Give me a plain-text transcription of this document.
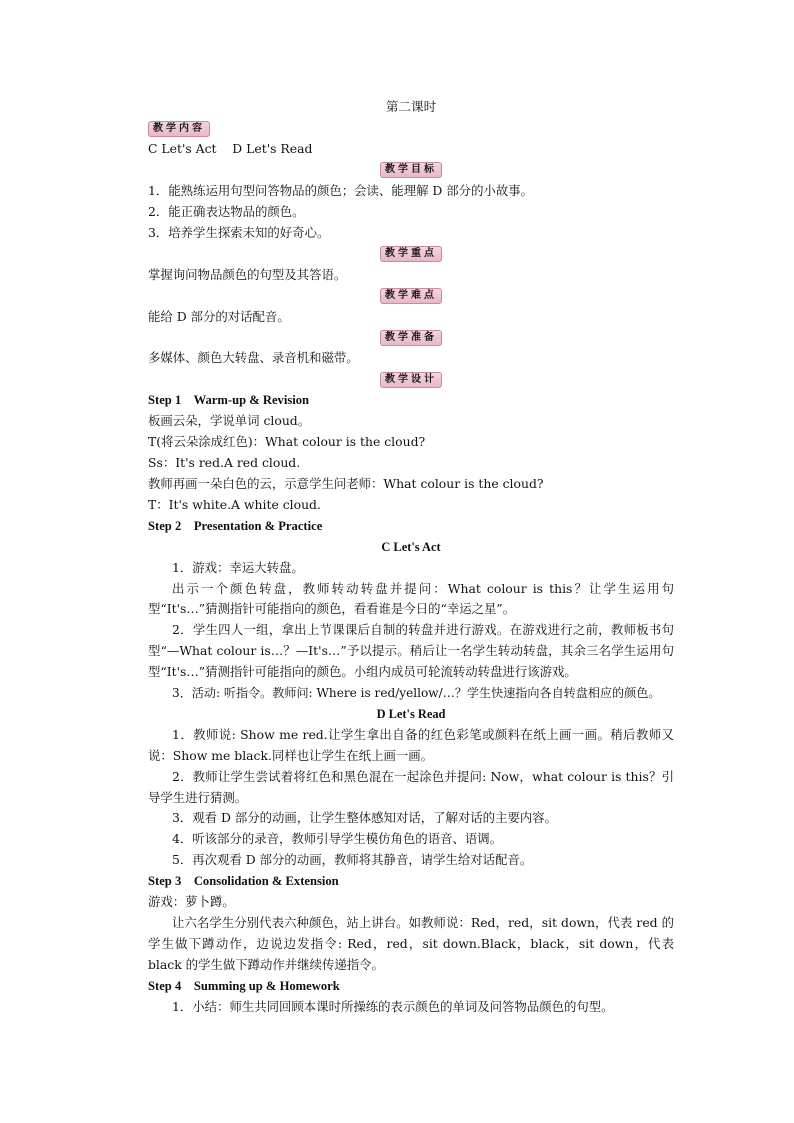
第二课时
教学内容
C Let's Act    D Let's Read
教学目标
1．能熟练运用句型问答物品的颜色；会读、能理解 D 部分的小故事。
2．能正确表达物品的颜色。
3．培养学生探索未知的好奇心。
教学重点
掌握询问物品颜色的句型及其答语。
教学难点
能给 D 部分的对话配音。
教学准备
多媒体、颜色大转盘、录音机和磁带。
教学设计
Step 1    Warm-up & Revision
板画云朵，学说单词 cloud。
T(将云朵涂成红色)：What colour is the cloud?
Ss：It's red.A red cloud.
教师再画一朵白色的云，示意学生问老师：What colour is the cloud?
T：It's white.A white cloud.
Step 2    Presentation & Practice
C Let's Act
1．游戏：幸运大转盘。
出示一个颜色转盘，教师转动转盘并提问：What colour is this？让学生运用句型“It's…”猜测指针可能指向的颜色，看看谁是今日的“幸运之星”。
2．学生四人一组，拿出上节课课后自制的转盘并进行游戏。在游戏进行之前，教师板书句型“—What colour is…？—It's…”予以提示。稍后让一名学生转动转盘，其余三名学生运用句型“It's…”猜测指针可能指向的颜色。小组内成员可轮流转动转盘进行该游戏。
3．活动: 听指令。教师问: Where is red/yellow/…？学生快速指向各自转盘相应的颜色。
D Let's Read
1．教师说: Show me red.让学生拿出自备的红色彩笔或颜料在纸上画一画。稍后教师又说：Show me black.同样也让学生在纸上画一画。
2．教师让学生尝试着将红色和黑色混在一起涂色并提问: Now，what colour is this？引导学生进行猜测。
3．观看 D 部分的动画，让学生整体感知对话，了解对话的主要内容。
4．听该部分的录音，教师引导学生模仿角色的语音、语调。
5．再次观看 D 部分的动画，教师将其静音，请学生给对话配音。
Step 3    Consolidation & Extension
游戏：萝卜蹲。
让六名学生分别代表六种颜色，站上讲台。如教师说：Red，red，sit down，代表 red 的学生做下蹲动作，边说边发指令: Red，red，sit down.Black，black，sit down，代表 black 的学生做下蹲动作并继续传递指令。
Step 4    Summing up & Homework
1．小结：师生共同回顾本课时所操练的表示颜色的单词及问答物品颜色的句型。
